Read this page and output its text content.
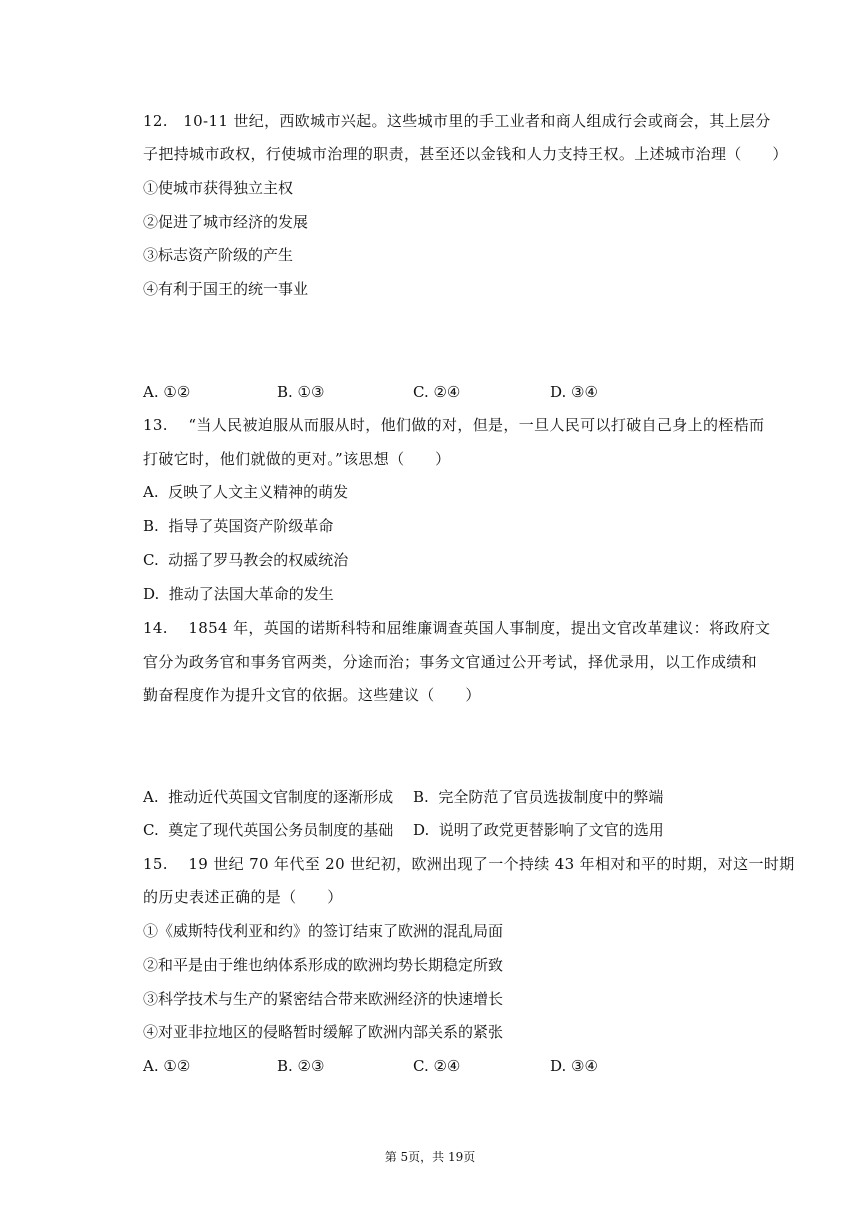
12.   10-11 世纪，西欧城市兴起。这些城市里的手工业者和商人组成行会或商会，其上层分
子把持城市政权，行使城市治理的职责，甚至还以金钱和人力支持王权。上述城市治理（      ）
①使城市获得独立主权
②促进了城市经济的发展
③标志资产阶级的产生
④有利于国王的统一事业
A. ①②	B. ①③	C. ②④	D. ③④
13.    “当人民被迫服从而服从时，他们做的对，但是，一旦人民可以打破自己身上的桎梏而
打破它时，他们就做的更对。”该思想（      ）
A.  反映了人文主义精神的萌发
B.  指导了英国资产阶级革命
C.  动摇了罗马教会的权威统治
D.  推动了法国大革命的发生
14.    1854 年，英国的诺斯科特和屈维廉调查英国人事制度，提出文官改革建议：将政府文
官分为政务官和事务官两类，分途而治；事务文官通过公开考试，择优录用，以工作成绩和
勤奋程度作为提升文官的依据。这些建议（      ）
A.  推动近代英国文官制度的逐渐形成 B.  完全防范了官员选拔制度中的弊端
C.  奠定了现代英国公务员制度的基础 D.  说明了政党更替影响了文官的选用
15.    19 世纪 70 年代至 20 世纪初，欧洲出现了一个持续 43 年相对和平的时期，对这一时期
的历史表述正确的是（      ）
①《威斯特伐利亚和约》的签订结束了欧洲的混乱局面
②和平是由于维也纳体系形成的欧洲均势长期稳定所致
③科学技术与生产的紧密结合带来欧洲经济的快速增长
④对亚非拉地区的侵略暂时缓解了欧洲内部关系的紧张
A. ①②	B. ②③	C. ②④	D. ③④
第 5页，共 19页
